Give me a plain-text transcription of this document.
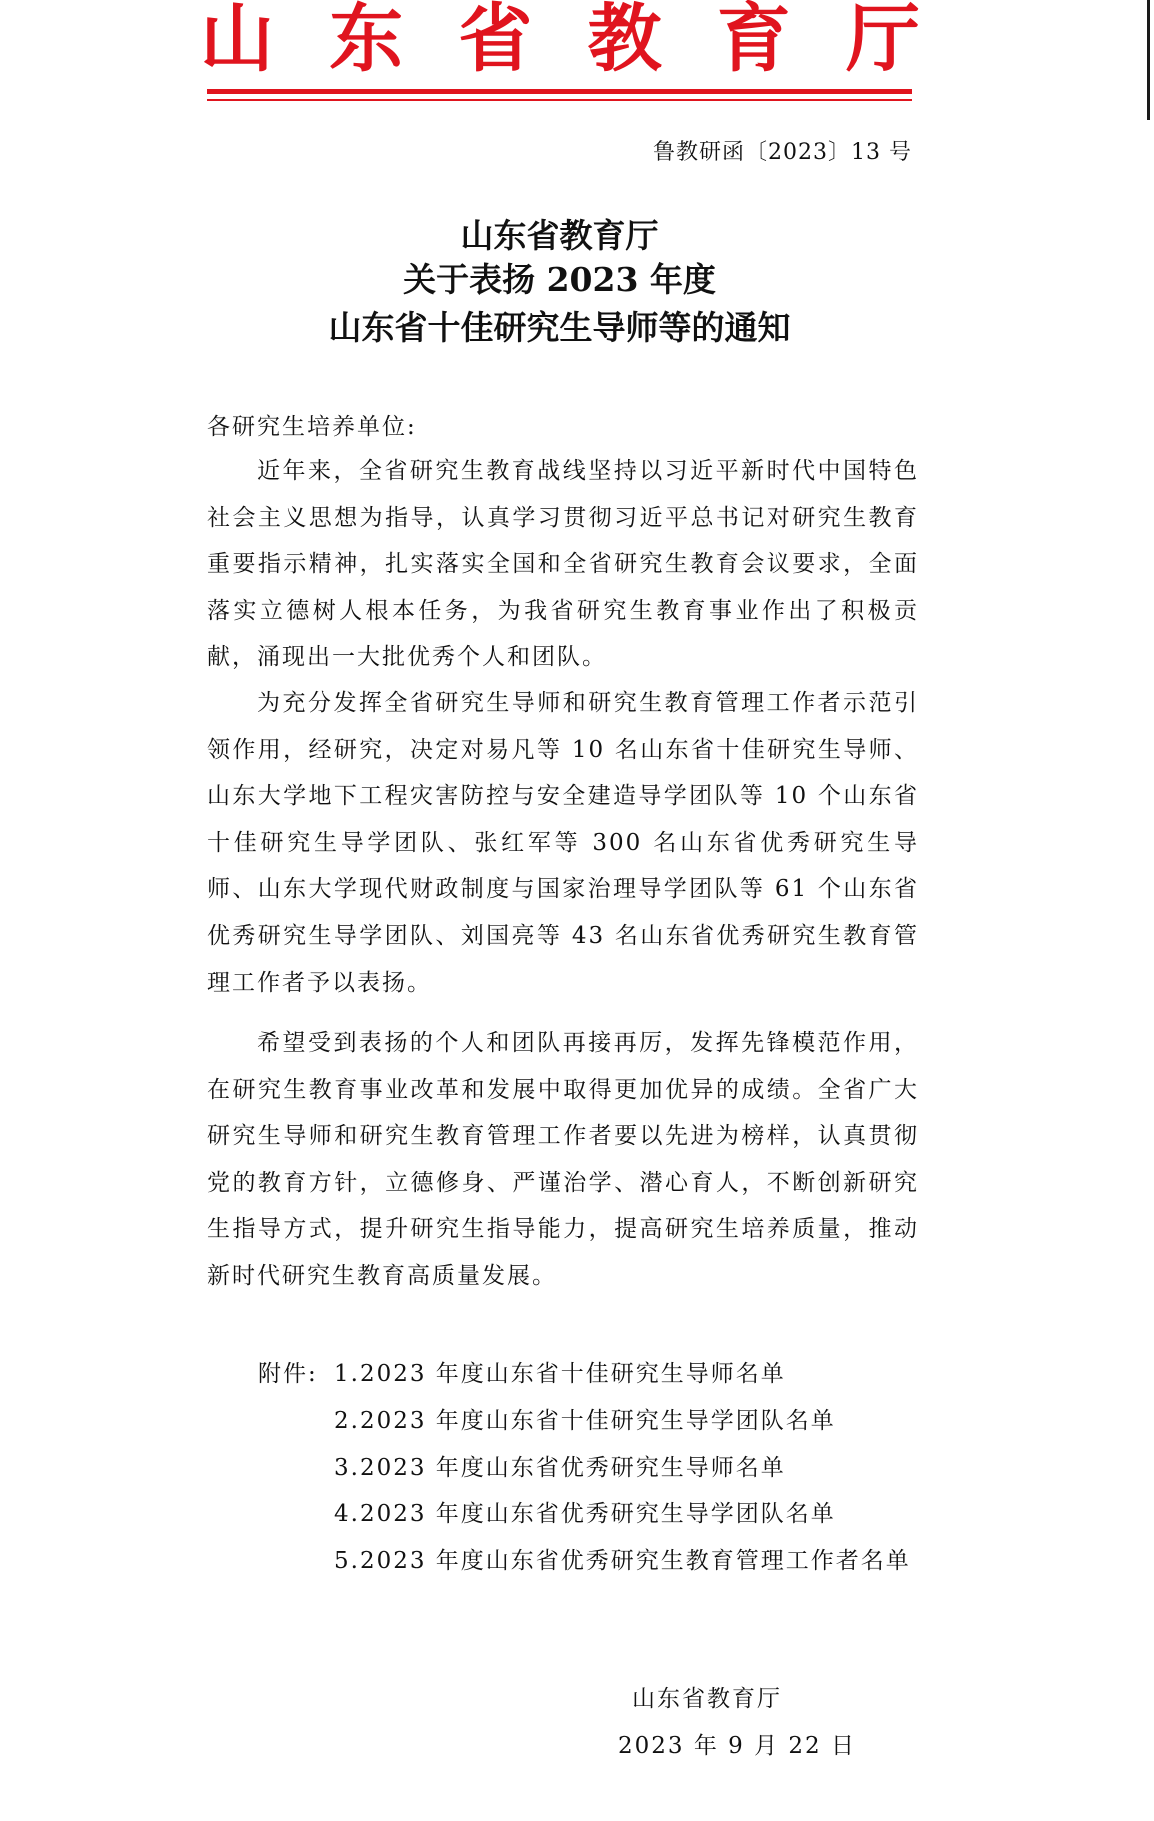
山 东 省 教 育 厅
鲁教研函〔2023〕13 号
山东省教育厅
关于表扬 2023 年度
山东省十佳研究生导师等的通知
各研究生培养单位:

近年来，全省研究生教育战线坚持以习近平新时代中国特色社会主义思想为指导，认真学习贯彻习近平总书记对研究生教育重要指示精神，扎实落实全国和全省研究生教育会议要求，全面落实立德树人根本任务，为我省研究生教育事业作出了积极贡献，涌现出一大批优秀个人和团队。

为充分发挥全省研究生导师和研究生教育管理工作者示范引领作用，经研究，决定对易凡等 10 名山东省十佳研究生导师、山东大学地下工程灾害防控与安全建造导学团队等 10 个山东省十佳研究生导学团队、张红军等 300 名山东省优秀研究生导师、山东大学现代财政制度与国家治理导学团队等 61 个山东省优秀研究生导学团队、刘国亮等 43 名山东省优秀研究生教育管理工作者予以表扬。

希望受到表扬的个人和团队再接再厉，发挥先锋模范作用，在研究生教育事业改革和发展中取得更加优异的成绩。全省广大研究生导师和研究生教育管理工作者要以先进为榜样，认真贯彻党的教育方针，立德修身、严谨治学、潜心育人，不断创新研究生指导方式，提升研究生指导能力，提高研究生培养质量，推动新时代研究生教育高质量发展。

附件: 1.2023 年度山东省十佳研究生导师名单
2.2023 年度山东省十佳研究生导学团队名单
3.2023 年度山东省优秀研究生导师名单
4.2023 年度山东省优秀研究生导学团队名单
5.2023 年度山东省优秀研究生教育管理工作者名单
山东省教育厅
2023 年 9 月 22 日
